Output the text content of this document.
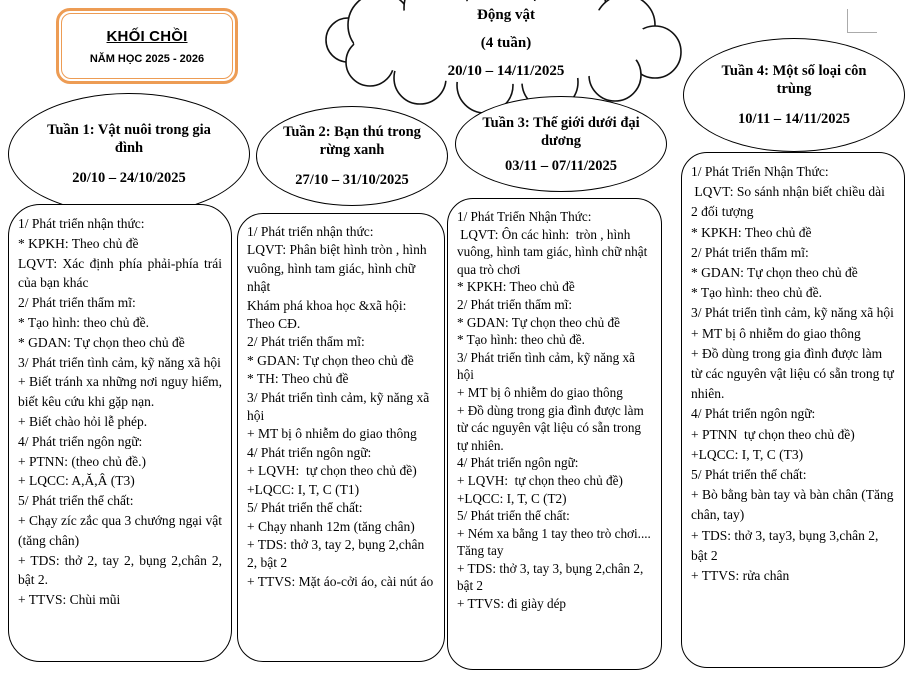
KHỐI CHỒI
NĂM HỌC 2025 - 2026
Động vật
(4 tuần)
20/10 – 14/11/2025
Tuần 1: Vật nuôi trong gia đình
20/10 – 24/10/2025
Tuần 2: Bạn thú trong rừng xanh
27/10 – 31/10/2025
Tuần 3: Thế giới dưới đại dương
03/11 – 07/11/2025
Tuần 4: Một số loại côn trùng
10/11 – 14/11/2025
1/ Phát triển nhận thức:
* KPKH: Theo chủ đề
LQVT: Xác định phía phải-phía trái của bạn khác
2/ Phát triển thẩm mĩ:
* Tạo hình: theo chủ đề.
* GDAN: Tự chọn theo chủ đề
3/ Phát triển tình cảm, kỹ năng xã hội
+ Biết tránh xa những nơi nguy hiểm, biết kêu cứu khi gặp nạn.
+ Biết chào hỏi lễ phép.
4/ Phát triển ngôn ngữ:
+ PTNN: (theo chủ đề.)
+ LQCC: A,Ă,Â (T3)
5/ Phát triển thể chất:
+ Chạy zíc zắc qua 3 chướng ngại vật (tăng chân)
+ TDS: thở 2, tay 2, bụng 2,chân 2, bật 2.
+ TTVS: Chùi mũi
1/ Phát triển nhận thức:
LQVT: Phân biệt hình tròn , hình vuông, hình tam giác, hình chữ nhật
Khám phá khoa học &xã hội: Theo CĐ.
2/ Phát triển thẩm mĩ:
* GDAN: Tự chọn theo chủ đề
* TH: Theo chủ đề
3/ Phát triển tình cảm, kỹ năng xã hội
+ MT bị ô nhiễm do giao thông
4/ Phát triển ngôn ngữ:
+ LQVH:  tự chọn theo chủ đề)
+LQCC: I, T, C (T1)
5/ Phát triển thể chất:
+ Chạy nhanh 12m (tăng chân)
+ TDS: thở 3, tay 2, bụng 2,chân 2, bật 2
+ TTVS: Mặt áo-cởi áo, cài nút áo
1/ Phát Triển Nhận Thức:
LQVT: Ôn các hình:  tròn , hình vuông, hình tam giác, hình chữ nhật qua trò chơi
* KPKH: Theo chủ đề
2/ Phát triển thẩm mĩ:
* GDAN: Tự chọn theo chủ đề
* Tạo hình: theo chủ đề.
3/ Phát triển tình cảm, kỹ năng xã hội
+ MT bị ô nhiễm do giao thông
+ Đồ dùng trong gia đình được làm từ các nguyên vật liệu có sẵn trong tự nhiên.
4/ Phát triển ngôn ngữ:
+ LQVH:  tự chọn theo chủ đề)
+LQCC: I, T, C (T2)
5/ Phát triển thể chất:
+ Ném xa bằng 1 tay theo trò chơi.... Tăng tay
+ TDS: thở 3, tay 3, bụng 2,chân 2, bật 2
+ TTVS: đi giày dép
1/ Phát Triển Nhận Thức:
LQVT: So sánh nhận biết chiều dài 2 đối tượng
* KPKH: Theo chủ đề
2/ Phát triển thẩm mĩ:
* GDAN: Tự chọn theo chủ đề
* Tạo hình: theo chủ đề.
3/ Phát triển tình cảm, kỹ năng xã hội
+ MT bị ô nhiễm do giao thông
+ Đồ dùng trong gia đình được làm từ các nguyên vật liệu có sẵn trong tự nhiên.
4/ Phát triển ngôn ngữ:
+ PTNN  tự chọn theo chủ đề)
+LQCC: I, T, C (T3)
5/ Phát triển thể chất:
+ Bò bằng bàn tay và bàn chân (Tăng chân, tay)
+ TDS: thở 3, tay3, bụng 3,chân 2, bật 2
+ TTVS: rửa chân
